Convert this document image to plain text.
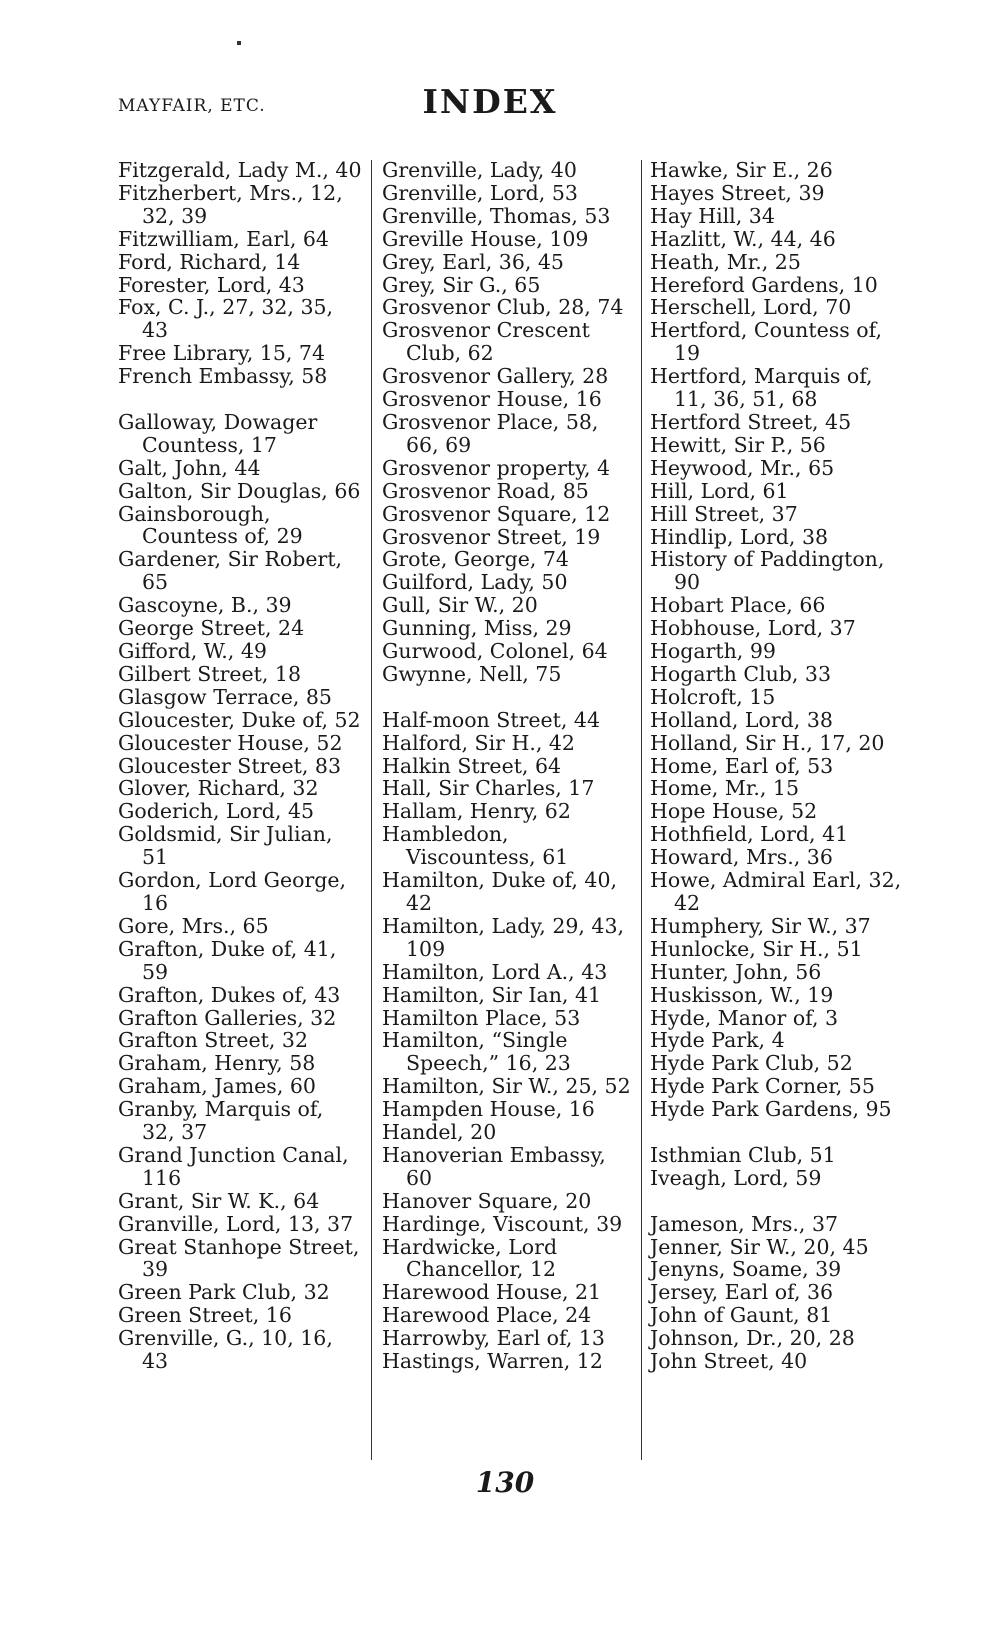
MAYFAIR, ETC.	INDEX
Fitzgerald, Lady M., 40
Fitzherbert, Mrs., 12, 32, 39
Fitzwilliam, Earl, 64
Ford, Richard, 14
Forester, Lord, 43
Fox, C. J., 27, 32, 35, 43
Free Library, 15, 74
French Embassy, 58
Galloway, Dowager Countess, 17
Galt, John, 44
Galton, Sir Douglas, 66
Gainsborough, Countess of, 29
Gardener, Sir Robert, 65
Gascoyne, B., 39
George Street, 24
Gifford, W., 49
Gilbert Street, 18
Glasgow Terrace, 85
Gloucester, Duke of, 52
Gloucester House, 52
Gloucester Street, 83
Glover, Richard, 32
Goderich, Lord, 45
Goldsmid, Sir Julian, 51
Gordon, Lord George, 16
Gore, Mrs., 65
Grafton, Duke of, 41, 59
Grafton, Dukes of, 43
Grafton Galleries, 32
Grafton Street, 32
Graham, Henry, 58
Graham, James, 60
Granby, Marquis of, 32, 37
Grand Junction Canal, 116
Grant, Sir W. K., 64
Granville, Lord, 13, 37
Great Stanhope Street, 39
Green Park Club, 32
Green Street, 16
Grenville, G., 10, 16, 43
Grenville, Lady, 40
Grenville, Lord, 53
Grenville, Thomas, 53
Greville House, 109
Grey, Earl, 36, 45
Grey, Sir G., 65
Grosvenor Club, 28, 74
Grosvenor Crescent Club, 62
Grosvenor Gallery, 28
Grosvenor House, 16
Grosvenor Place, 58, 66, 69
Grosvenor property, 4
Grosvenor Road, 85
Grosvenor Square, 12
Grosvenor Street, 19
Grote, George, 74
Guilford, Lady, 50
Gull, Sir W., 20
Gunning, Miss, 29
Gurwood, Colonel, 64
Gwynne, Nell, 75
Half-moon Street, 44
Halford, Sir H., 42
Halkin Street, 64
Hall, Sir Charles, 17
Hallam, Henry, 62
Hambledon, Viscountess, 61
Hamilton, Duke of, 40, 42
Hamilton, Lady, 29, 43, 109
Hamilton, Lord A., 43
Hamilton, Sir Ian, 41
Hamilton Place, 53
Hamilton, “Single Speech,” 16, 23
Hamilton, Sir W., 25, 52
Hampden House, 16
Handel, 20
Hanoverian Embassy, 60
Hanover Square, 20
Hardinge, Viscount, 39
Hardwicke, Lord Chancellor, 12
Harewood House, 21
Harewood Place, 24
Harrowby, Earl of, 13
Hastings, Warren, 12
Hawke, Sir E., 26
Hayes Street, 39
Hay Hill, 34
Hazlitt, W., 44, 46
Heath, Mr., 25
Hereford Gardens, 10
Herschell, Lord, 70
Hertford, Countess of, 19
Hertford, Marquis of, 11, 36, 51, 68
Hertford Street, 45
Hewitt, Sir P., 56
Heywood, Mr., 65
Hill, Lord, 61
Hill Street, 37
Hindlip, Lord, 38
History of Paddington, 90
Hobart Place, 66
Hobhouse, Lord, 37
Hogarth, 99
Hogarth Club, 33
Holcroft, 15
Holland, Lord, 38
Holland, Sir H., 17, 20
Home, Earl of, 53
Home, Mr., 15
Hope House, 52
Hothfield, Lord, 41
Howard, Mrs., 36
Howe, Admiral Earl, 32, 42
Humphery, Sir W., 37
Hunlocke, Sir H., 51
Hunter, John, 56
Huskisson, W., 19
Hyde, Manor of, 3
Hyde Park, 4
Hyde Park Club, 52
Hyde Park Corner, 55
Hyde Park Gardens, 95
Isthmian Club, 51
Iveagh, Lord, 59
Jameson, Mrs., 37
Jenner, Sir W., 20, 45
Jenyns, Soame, 39
Jersey, Earl of, 36
John of Gaunt, 81
Johnson, Dr., 20, 28
John Street, 40
130
